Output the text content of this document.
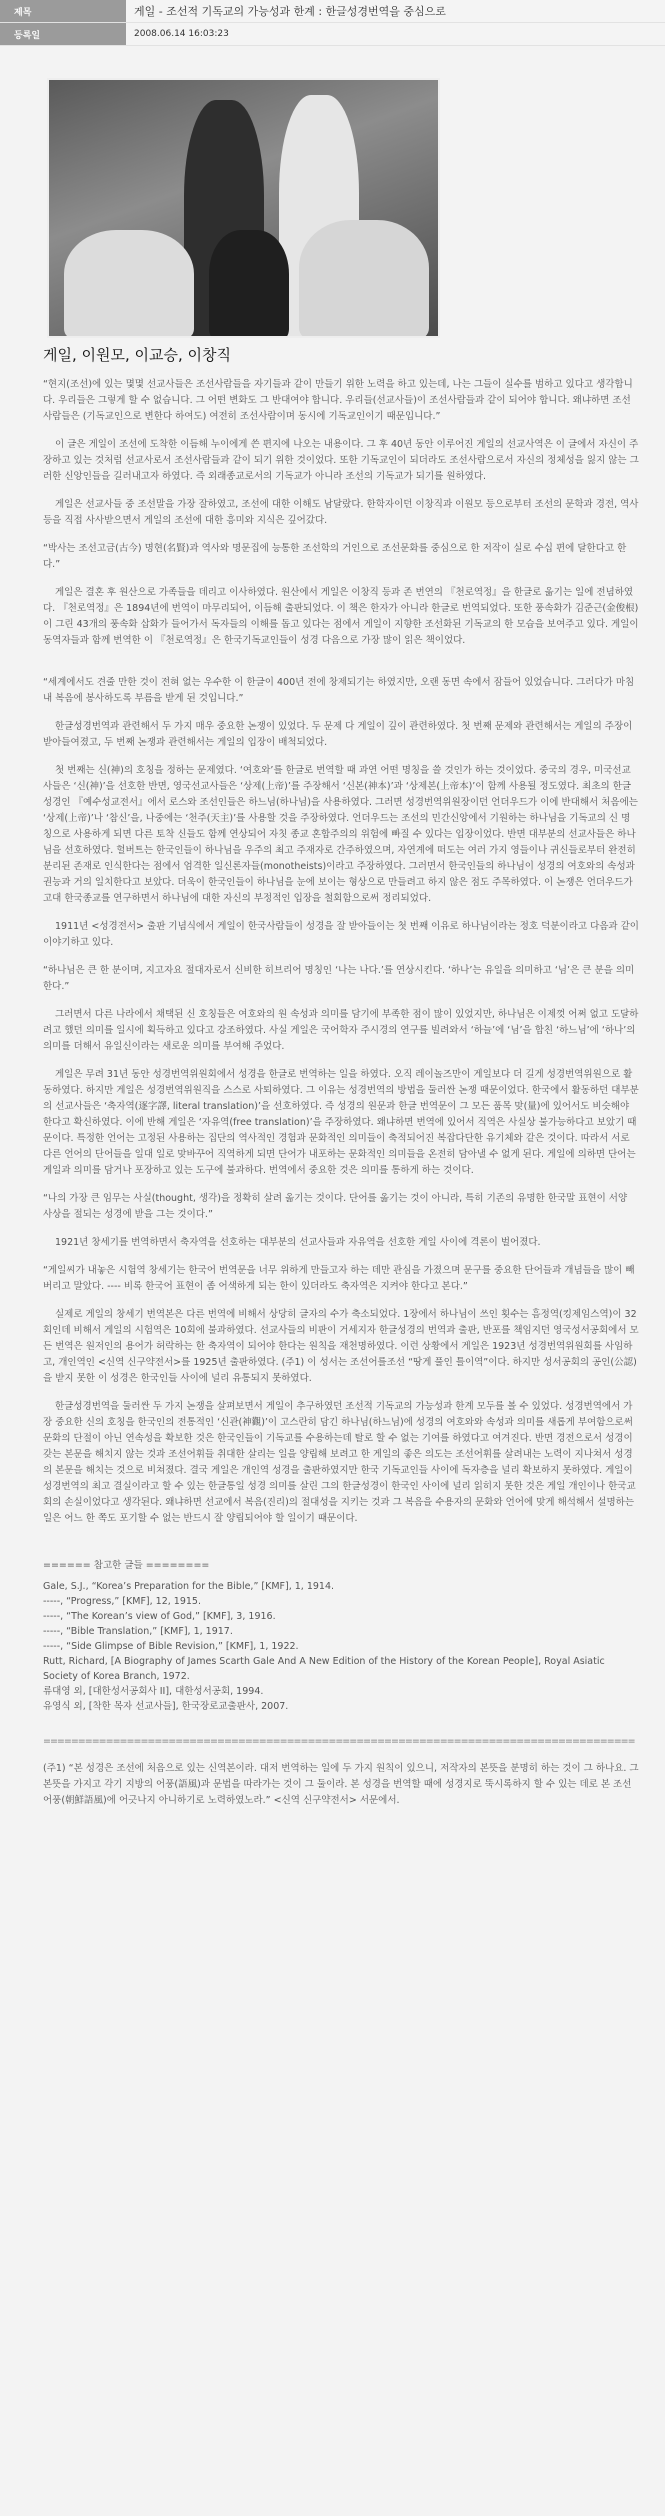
제목	게일 - 조선적 기독교의 가능성과 한계 : 한글성경번역을 중심으로
등록일	2008.06.14 16:03:23
게일, 이원모, 이교승, 이창직

“현지(조선)에 있는 몇몇 선교사들은 조선사람들을 자기들과 같이 만들기 위한 노력을 하고 있는데, 나는 그들이 실수를 범하고 있다고 생각합니다. 우리들은 그렇게 할 수 없습니다. 그 어떤 변화도 그 반대여야 합니다. 우리들(선교사들)이 조선사람들과 같이 되어야 합니다. 왜냐하면 조선사람들은 (기독교인으로 변한다 하여도) 여전히 조선사람이며 동시에 기독교인이기 때문입니다.”

이 글은 게일이 조선에 도착한 이듬해 누이에게 쓴 편지에 나오는 내용이다. 그 후 40년 동안 이루어진 게일의 선교사역은 이 글에서 자신이 주장하고 있는 것처럼 선교사로서 조선사람들과 같이 되기 위한 것이었다. 또한 기독교인이 되더라도 조선사람으로서 자신의 정체성을 잃지 않는 그러한 신앙인들을 길러내고자 하였다. 즉 외래종교로서의 기독교가 아니라 조선의 기독교가 되기를 원하였다.

게일은 선교사들 중 조선말을 가장 잘하였고, 조선에 대한 이해도 남달랐다. 한학자이던 이창직과 이원모 등으로부터 조선의 문학과 경전, 역사 등을 직접 사사받으면서 게일의 조선에 대한 흥미와 지식은 깊어갔다.

“박사는 조선고금(古今) 명현(名賢)과 역사와 명문집에 능통한 조선학의 거인으로 조선문화를 중심으로 한 저작이 실로 수십 편에 달한다고 한다.”

게일은 결혼 후 원산으로 가족들을 데리고 이사하였다. 원산에서 게일은 이창직 등과 존 번연의 『천로역정』을 한글로 옮기는 일에 전념하였다. 『천로역정』은 1894년에 번역이 마무리되어, 이듬해 출판되었다. 이 책은 한자가 아니라 한글로 번역되었다. 또한 풍속화가 김준근(金俊根)이 그린 43개의 풍속화 삽화가 들어가서 독자들의 이해를 돕고 있다는 점에서 게일이 지향한 조선화된 기독교의 한 모습을 보여주고 있다. 게일이 동역자들과 함께 번역한 이 『천로역정』은 한국기독교인들이 성경 다음으로 가장 많이 읽은 책이었다.

“세계에서도 견줄 만한 것이 전혀 없는 우수한 이 한글이 400년 전에 창제되기는 하였지만, 오랜 동면 속에서 잠들어 있었습니다. 그러다가 마침내 복음에 봉사하도록 부름을 받게 된 것입니다.”

한글성경번역과 관련해서 두 가지 매우 중요한 논쟁이 있었다. 두 문제 다 게일이 깊이 관련하였다. 첫 번째 문제와 관련해서는 게일의 주장이 받아들여졌고, 두 번째 논쟁과 관련해서는 게일의 입장이 배척되었다.

첫 번째는 신(神)의 호칭을 정하는 문제였다. ‘여호와’를 한글로 번역할 때 과연 어떤 명칭을 쓸 것인가 하는 것이었다. 중국의 경우, 미국선교사들은 ‘신(神)’을 선호한 반면, 영국선교사들은 ‘상제(上帝)’를 주장해서 ‘신본(神本)’과 ‘상제본(上帝本)’이 함께 사용될 정도였다. 최초의 한글성경인 『예수성교전서』에서 로스와 조선인들은 하느님(하나님)을 사용하였다. 그러면 성경번역위원장이던 언더우드가 이에 반대해서 처음에는 ‘상제(上帝)’나 ‘참신’을, 나중에는 ‘천주(天主)’를 사용할 것을 주장하였다. 언더우드는 조선의 민간신앙에서 기원하는 하나님을 기독교의 신 명칭으로 사용하게 되면 다른 토착 신들도 함께 연상되어 자칫 종교 혼합주의의 위험에 빠질 수 있다는 입장이었다. 반면 대부분의 선교사들은 하나님을 선호하였다. 헐버트는 한국인들이 하나님을 우주의 최고 주재자로 간주하였으며, 자연계에 떠도는 여러 가지 영들이나 귀신들로부터 완전히 분리된 존재로 인식한다는 점에서 엄격한 일신론자들(monotheists)이라고 주장하였다. 그러면서 한국인들의 하나님이 성경의 여호와의 속성과 권능과 거의 일치한다고 보았다. 더욱이 한국인들이 하나님을 눈에 보이는 형상으로 만들려고 하지 않은 점도 주목하였다. 이 논쟁은 언더우드가 고대 한국종교를 연구하면서 하나님에 대한 자신의 부정적인 입장을 철회함으로써 정리되었다.

1911년 <성경전서> 출판 기념식에서 게일이 한국사람들이 성경을 잘 받아들이는 첫 번째 이유로 하나님이라는 정호 덕분이라고 다음과 같이 이야기하고 있다.

“하나님은 큰 한 분이며, 지고자요 절대자로서 신비한 히브리어 명칭인 ‘나는 나다.’를 연상시킨다. ‘하나’는 유일을 의미하고 ‘님’은 큰 분을 의미한다.”

그러면서 다른 나라에서 채택된 신 호칭들은 여호와의 원 속성과 의미를 담기에 부족한 점이 많이 있었지만, 하나님은 이제껏 어쩌 없고 도달하려고 했던 의미를 일시에 획득하고 있다고 강조하였다. 사실 게일은 국어학자 주시경의 연구를 빌려와서 ‘하늘’에 ‘님’을 합친 ‘하느님’에 ‘하나’의 의미를 더해서 유일신이라는 새로운 의미를 부여해 주었다.

게일은 무려 31년 동안 성경번역위원회에서 성경을 한글로 번역하는 일을 하였다. 오직 레이놀즈만이 게일보다 더 길게 성경번역위원으로 활동하였다. 하지만 게일은 성경번역위원직을 스스로 사퇴하였다. 그 이유는 성경번역의 방법을 둘러싼 논쟁 때문이었다. 한국에서 활동하던 대부분의 선교사들은 ‘축자역(逐字譯, literal translation)’을 선호하였다. 즉 성경의 원문과 한글 번역문이 그 모든 품목 맞(量)에 있어서도 비슷해야 한다고 확신하였다. 이에 반해 게일은 ‘자유역(free translation)’을 주장하였다. 왜냐하면 번역에 있어서 직역은 사실상 불가능하다고 보았기 때문이다. 특정한 언어는 고정된 사용하는 집단의 역사적인 경험과 문화적인 의미들이 축적되어진 복잡다단한 유기체와 같은 것이다. 따라서 서로 다른 언어의 단어들을 일대 일로 맞바꾸어 직역하게 되면 단어가 내포하는 문화적인 의미들을 온전히 담아낼 수 없게 된다. 게일에 의하면 단어는 게일과 의미를 담거나 포장하고 있는 도구에 불과하다. 번역에서 중요한 것은 의미를 통하게 하는 것이다.

“나의 가장 큰 임무는 사실(thought, 생각)을 정확히 살려 옮기는 것이다. 단어를 옮기는 것이 아니라, 특히 기존의 유명한 한국말 표현이 서양 사상을 절되는 성경에 받을 그는 것이다.”

1921년 창세기를 번역하면서 축자역을 선호하는 대부분의 선교사들과 자유역을 선호한 게일 사이에 격론이 벌어졌다.

“게일씨가 내놓은 시험역 창세기는 한국어 번역문을 너무 위하게 만들고자 하는 데만 관심을 가졌으며 문구를 중요한 단어들과 개념들을 많이 빼버리고 말았다. ---- 비록 한국어 표현이 좀 어색하게 되는 한이 있더라도 축자역은 지켜야 한다고 본다.”

실제로 게일의 창세기 번역본은 다른 번역에 비해서 상당히 글자의 수가 축소되었다. 1장에서 하나님이 쓰인 횟수는 흠정역(킹제임스역)이 32회인데 비해서 게일의 시험역은 10회에 불과하였다. 선교사들의 비판이 거세지자 한글성경의 번역과 출판, 반포를 책임지던 영국성서공회에서 모든 번역은 원저인의 용어가 허락하는 한 축자역이 되어야 한다는 원칙을 재천명하였다. 이런 상황에서 게일은 1923년 성경번역위원회를 사임하고, 개인역인 <신역 신구약전서>를 1925년 출판하였다. (주1) 이 성서는 조선어를조선 “땅게 풀인 틀이역”이다. 하지만 성서공회의 공인(公認)을 받지 못한 이 성경은 한국인들 사이에 널리 유통되지 못하였다.

한글성경번역을 둘러싼 두 가지 논쟁을 살펴보면서 게일이 추구하였던 조선적 기독교의 가능성과 한계 모두를 볼 수 있었다. 성경번역에서 가장 중요한 신의 호칭을 한국인의 전통적인 ‘신관(神觀)’이 고스란히 담긴 하나님(하느님)에 성경의 여호와와 속성과 의미를 새롭게 부여함으로써 문화의 단절이 아닌 연속성을 확보한 것은 한국인들이 기독교를 수용하는데 탈로 할 수 없는 기여를 하였다고 여겨진다. 반면 경전으로서 성경이 갖는 본문을 해치지 않는 것과 조선어휘들 취대한 살리는 일을 양립해 보려고 한 게일의 좋은 의도는 조선어휘를 살려내는 노력이 지나쳐서 성경의 본문을 해치는 것으로 비쳐졌다. 결국 게일은 개인역 성경을 출판하였지만 한국 기독교인들 사이에 독자층을 널리 확보하지 못하였다. 게일이 성경번역의 최고 결실이라고 할 수 있는 한글통일 성경 의미를 살린 그의 한글성경이 한국인 사이에 널리 읽히지 못한 것은 게일 개인이나 한국교회의 손실이었다고 생각된다. 왜냐하면 선교에서 복음(진리)의 절대성을 지키는 것과 그 복음을 수용자의 문화와 언어에 맞게 해석해서 설명하는 일은 어느 한 쪽도 포기할 수 없는 반드시 잘 양립되어야 할 일이기 때문이다.

====== 참고한 글들 ========

Gale, S.J., “Korea’s Preparation for the Bible,” [KMF], 1, 1914.

-----, “Progress,” [KMF], 12, 1915.

-----, “The Korean’s view of God,” [KMF], 3, 1916.

-----, “Bible Translation,” [KMF], 1, 1917.

-----, “Side Glimpse of Bible Revision,” [KMF], 1, 1922.

Rutt, Richard, [A Biography of James Scarth Gale And A New Edition of the History of the Korean People], Royal Asiatic Society of Korea Branch, 1972.

류대영 외, [대한성서공회사 II], 대한성서공회, 1994.

유영식 외, [착한 목자 선교사들], 한국장로교출판사, 2007.

=====================================================================================

(주1) “본 성경은 조선에 처음으로 있는 신역본이라. 대저 번역하는 일에 두 가지 원칙이 있으니, 저작자의 본뜻을 분명히 하는 것이 그 하나요. 그 본뜻을 가지고 각기 지방의 어풍(語風)과 문법을 따라가는 것이 그 둘이라. 본 성경을 번역할 때에 성경지로 뚝시록하지 할 수 있는 데로 본 조선어풍(朝鮮語風)에 어긋나지 아니하기로 노력하였노라.” <신역 신구약전서> 서문에서.
